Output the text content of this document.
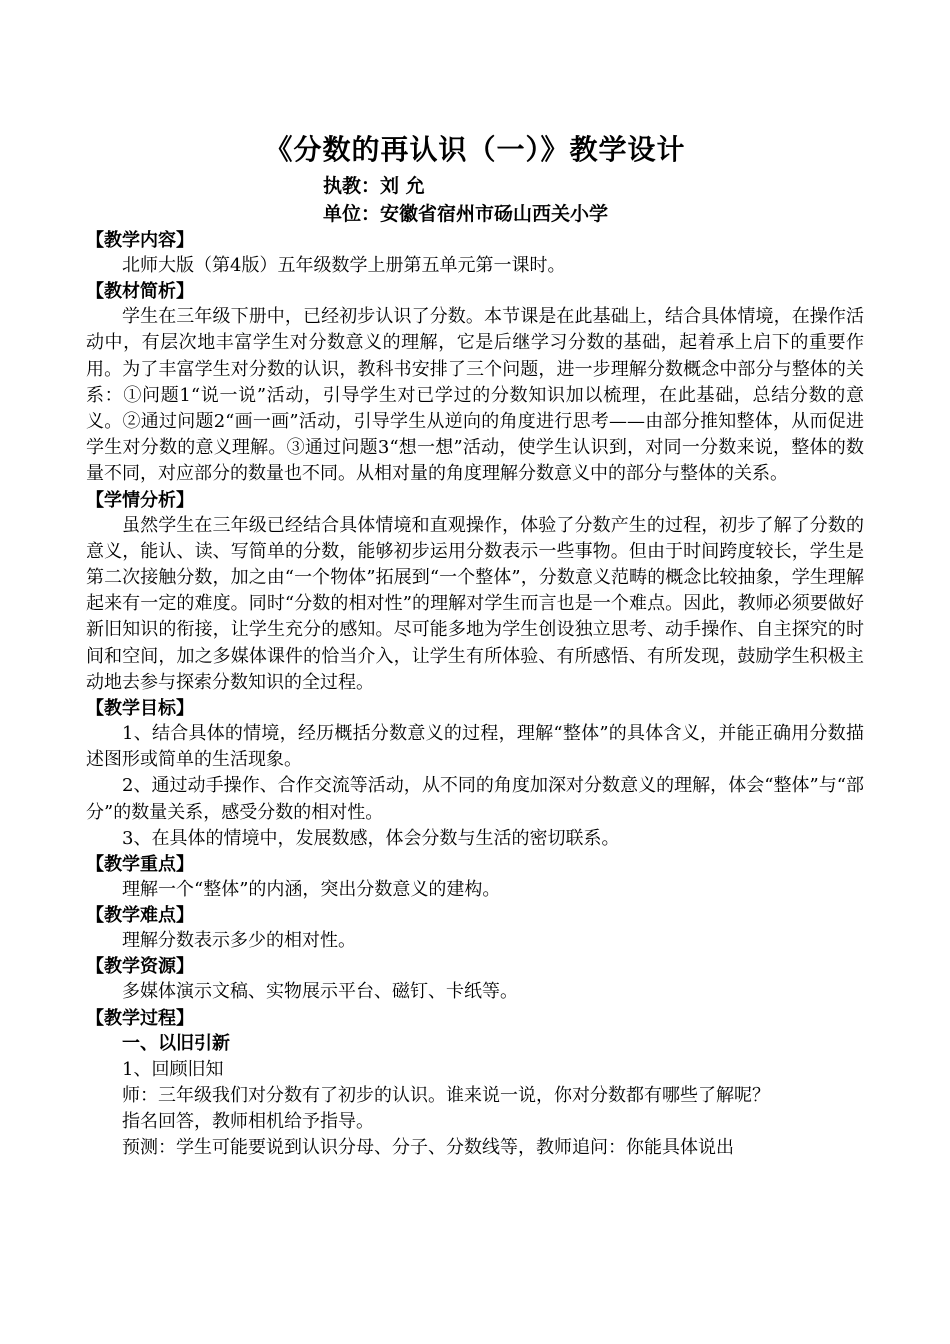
《分数的再认识（一）》教学设计
执教：刘 允
单位：安徽省宿州市砀山西关小学
【教学内容】

北师大版（第4版）五年级数学上册第五单元第一课时。

【教材简析】

学生在三年级下册中，已经初步认识了分数。本节课是在此基础上，结合具体情境，在操作活动中，有层次地丰富学生对分数意义的理解，它是后继学习分数的基础，起着承上启下的重要作用。为了丰富学生对分数的认识，教科书安排了三个问题，进一步理解分数概念中部分与整体的关系：①问题1“说一说”活动，引导学生对已学过的分数知识加以梳理，在此基础，总结分数的意义。②通过问题2“画一画”活动，引导学生从逆向的角度进行思考——由部分推知整体，从而促进学生对分数的意义理解。③通过问题3“想一想”活动，使学生认识到，对同一分数来说，整体的数量不同，对应部分的数量也不同。从相对量的角度理解分数意义中的部分与整体的关系。

【学情分析】

虽然学生在三年级已经结合具体情境和直观操作，体验了分数产生的过程，初步了解了分数的意义，能认、读、写简单的分数，能够初步运用分数表示一些事物。但由于时间跨度较长，学生是第二次接触分数，加之由“一个物体”拓展到“一个整体”，分数意义范畴的概念比较抽象，学生理解起来有一定的难度。同时“分数的相对性”的理解对学生而言也是一个难点。因此，教师必须要做好新旧知识的衔接，让学生充分的感知。尽可能多地为学生创设独立思考、动手操作、自主探究的时间和空间，加之多媒体课件的恰当介入，让学生有所体验、有所感悟、有所发现，鼓励学生积极主动地去参与探索分数知识的全过程。

【教学目标】

1、结合具体的情境，经历概括分数意义的过程，理解“整体”的具体含义，并能正确用分数描述图形或简单的生活现象。

2、通过动手操作、合作交流等活动，从不同的角度加深对分数意义的理解，体会“整体”与“部分”的数量关系，感受分数的相对性。

3、在具体的情境中，发展数感，体会分数与生活的密切联系。

【教学重点】

理解一个“整体”的内涵，突出分数意义的建构。

【教学难点】

理解分数表示多少的相对性。

【教学资源】

多媒体演示文稿、实物展示平台、磁钉、卡纸等。

【教学过程】
一、以旧引新

1、回顾旧知

师：三年级我们对分数有了初步的认识。谁来说一说，你对分数都有哪些了解呢？

指名回答，教师相机给予指导。

预测：学生可能要说到认识分母、分子、分数线等，教师追问：你能具体说出
